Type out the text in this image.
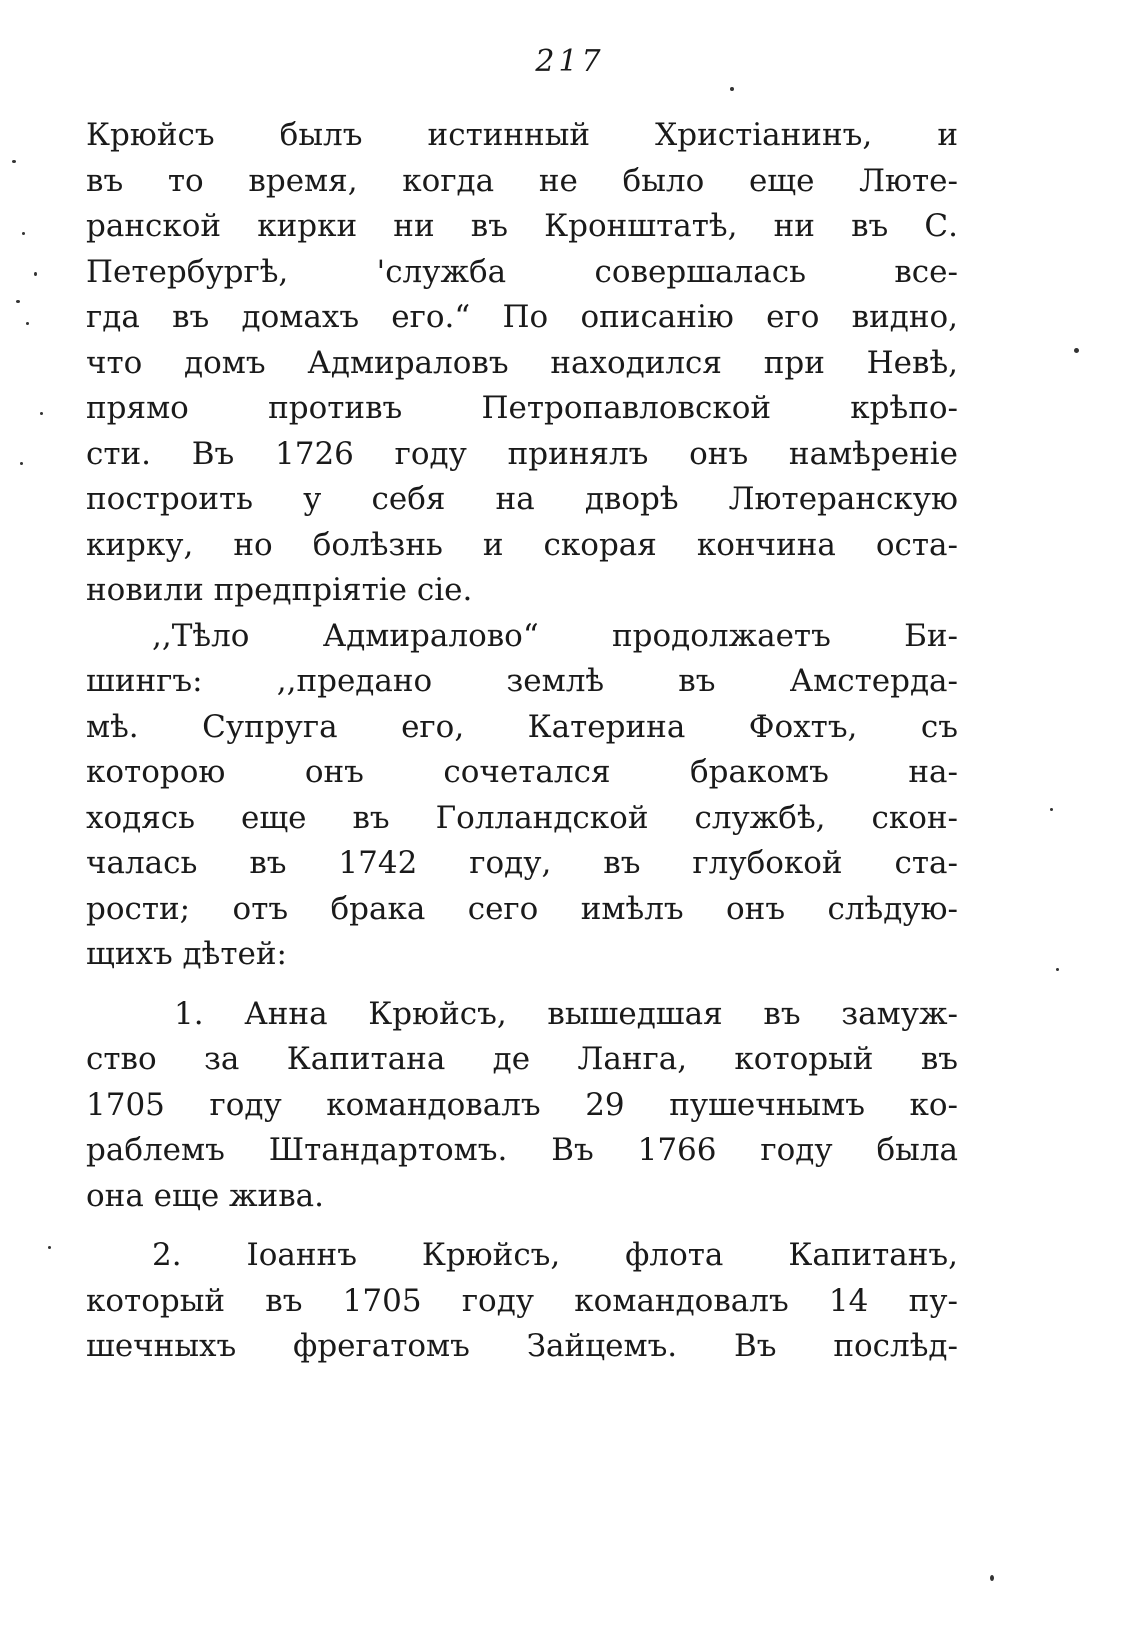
217
Крюйсъ былъ истинный Христіанинъ, и
въ то время, когда не было еще Люте-
ранской кирки ни въ Кронштатѣ, ни въ С.
Петербургѣ, 'служба совершалась все-
гда въ домахъ его.“ По описанію его видно,
что домъ Адмираловъ находился при Невѣ,
прямо противъ Петропавловской крѣпо-
сти. Въ 1726 году принялъ онъ намѣреніе
построить у себя на дворѣ Лютеранскую
кирку, но болѣзнь и скорая кончина оста-
новили предпріятіе сіе.
,,Тѣло Адмиралово“ продолжаетъ Би-
шингъ: ,,предано землѣ въ Амстерда-
мѣ. Супруга его, Катерина Фохтъ, съ
которою онъ сочетался бракомъ на-
ходясь еще въ Голландской службѣ, скон-
чалась въ 1742 году, въ глубокой ста-
рости; отъ брака сего имѣлъ онъ слѣдую-
щихъ дѣтей:
1. Анна Крюйсъ, вышедшая въ замуж-
ство за Капитана де Ланга, который въ
1705 году командовалъ 29 пушечнымъ ко-
раблемъ Штандартомъ. Въ 1766 году была
она еще жива.
2. Іоаннъ Крюйсъ, флота Капитанъ,
который въ 1705 году командовалъ 14 пу-
шечныхъ фрегатомъ Зайцемъ. Въ послѣд-
